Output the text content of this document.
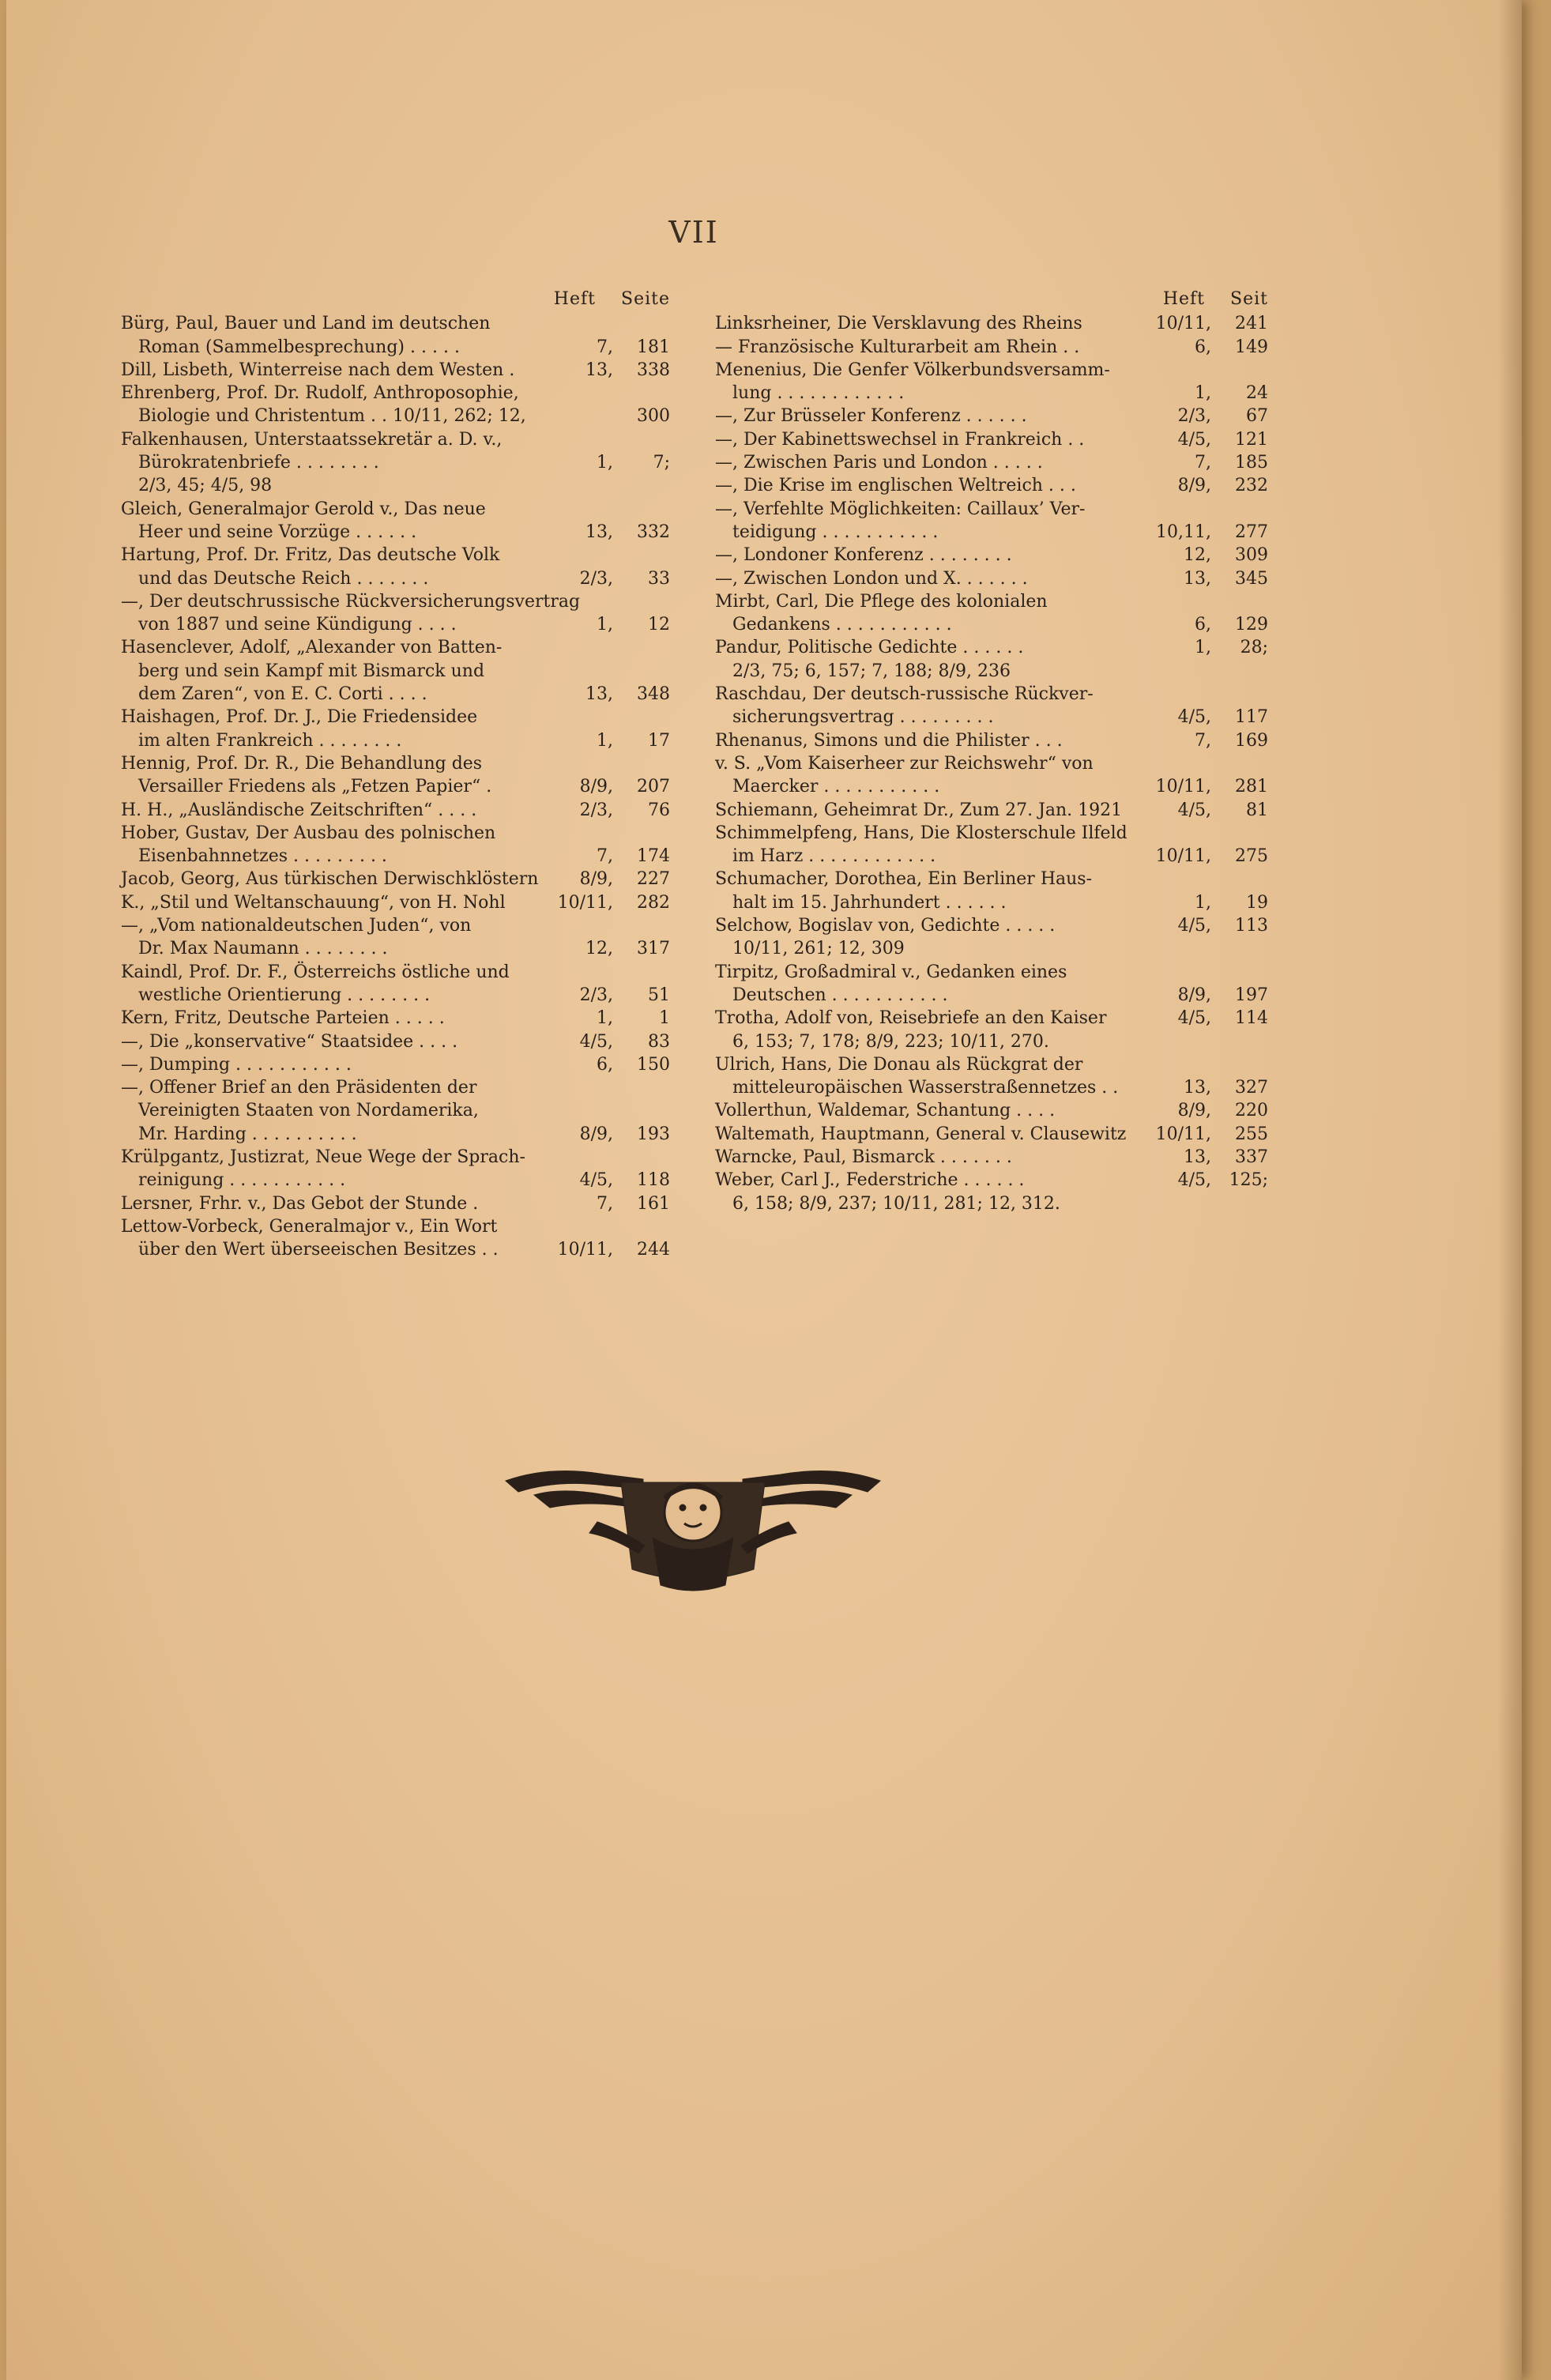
VII
Heft Seite
Bürg, Paul, Bauer und Land im deutschen
Roman (Sammelbesprechung) . . . . .	7, 181
Dill, Lisbeth, Winterreise nach dem Westen .	13, 338
Ehrenberg, Prof. Dr. Rudolf, Anthroposophie,
Biologie und Christentum . . 10/11, 262; 12,	300
Falkenhausen, Unterstaatssekretär a. D. v.,
Bürokratenbriefe . . . . . . . .	1, 7;
2/3, 45; 4/5, 98
Gleich, Generalmajor Gerold v., Das neue
Heer und seine Vorzüge . . . . . .	13, 332
Hartung, Prof. Dr. Fritz, Das deutsche Volk
und das Deutsche Reich . . . . . . .	2/3, 33
—, Der deutschrussische Rückversicherungsvertrag
von 1887 und seine Kündigung . . . .	1, 12
Hasenclever, Adolf, „Alexander von Batten-
berg und sein Kampf mit Bismarck und
dem Zaren“, von E. C. Corti . . . .	13, 348
Haishagen, Prof. Dr. J., Die Friedensidee
im alten Frankreich . . . . . . . .	1, 17
Hennig, Prof. Dr. R., Die Behandlung des
Versailler Friedens als „Fetzen Papier“ .	8/9, 207
H. H., „Ausländische Zeitschriften“ . . . .	2/3, 76
Hober, Gustav, Der Ausbau des polnischen
Eisenbahnnetzes . . . . . . . . .	7, 174
Jacob, Georg, Aus türkischen Derwischklöstern 8/9, 227
K., „Stil und Weltanschauung“, von H. Nohl	10/11, 282
—, „Vom nationaldeutschen Juden“, von
Dr. Max Naumann . . . . . . . .	12, 317
Kaindl, Prof. Dr. F., Österreichs östliche und
westliche Orientierung . . . . . . . .	2/3, 51
Kern, Fritz, Deutsche Parteien . . . . .	1,	1
—, Die „konservative“ Staatsidee . . . .	4/5, 83
—, Dumping . . . . . . . . . . .	6, 150
—, Offener Brief an den Präsidenten der
Vereinigten Staaten von Nordamerika,
Mr. Harding . . . . . . . . . .	8/9, 193
Krülpgantz, Justizrat, Neue Wege der Sprach-
reinigung . . . . . . . . . . .	4/5, 118
Lersner, Frhr. v., Das Gebot der Stunde .	7, 161
Lettow-Vorbeck, Generalmajor v., Ein Wort
über den Wert überseeischen Besitzes . .	10/11, 244
Heft Seit
Linksrheiner, Die Versklavung des Rheins	10/11, 241
— Französische Kulturarbeit am Rhein . .	6, 149
Menenius, Die Genfer Völkerbundsversamm-
lung . . . . . . . . . . . .	1, 24
—, Zur Brüsseler Konferenz . . . . . .	2/3, 67
—, Der Kabinettswechsel in Frankreich . .	4/5, 121
—, Zwischen Paris und London . . . . .	7, 185
—, Die Krise im englischen Weltreich . . .	8/9, 232
—, Verfehlte Möglichkeiten: Caillaux’ Ver-
teidigung . . . . . . . . . . .	10,11, 277
—, Londoner Konferenz . . . . . . . .	12, 309
—, Zwischen London und X. . . . . . .	13, 345
Mirbt, Carl, Die Pflege des kolonialen
Gedankens . . . . . . . . . . .	6, 129
Pandur, Politische Gedichte . . . . . .	1, 28;
2/3, 75; 6, 157; 7, 188; 8/9, 236
Raschdau, Der deutsch-russische Rückver-
sicherungsvertrag . . . . . . . . .	4/5, 117
Rhenanus, Simons und die Philister . . .	7, 169
v. S. „Vom Kaiserheer zur Reichswehr“ von
Maercker . . . . . . . . . . .	10/11, 281
Schiemann, Geheimrat Dr., Zum 27. Jan. 1921	4/5, 81
Schimmelpfeng, Hans, Die Klosterschule Ilfeld
im Harz . . . . . . . . . . . .	10/11, 275
Schumacher, Dorothea, Ein Berliner Haus-
halt im 15. Jahrhundert . . . . . .	1, 19
Selchow, Bogislav von, Gedichte . . . . .	4/5, 113
10/11, 261; 12, 309
Tirpitz, Großadmiral v., Gedanken eines
Deutschen . . . . . . . . . . .	8/9, 197
Trotha, Adolf von, Reisebriefe an den Kaiser	4/5, 114
6, 153; 7, 178; 8/9, 223; 10/11, 270.
Ulrich, Hans, Die Donau als Rückgrat der
mitteleuropäischen Wasserstraßennetzes . .	13, 327
Vollerthun, Waldemar, Schantung . . . .	8/9, 220
Waltemath, Hauptmann, General v. Clausewitz 10/11, 255
Warncke, Paul, Bismarck . . . . . . .	13, 337
Weber, Carl J., Federstriche . . . . . .	4/5, 125;
6, 158; 8/9, 237; 10/11, 281; 12, 312.
